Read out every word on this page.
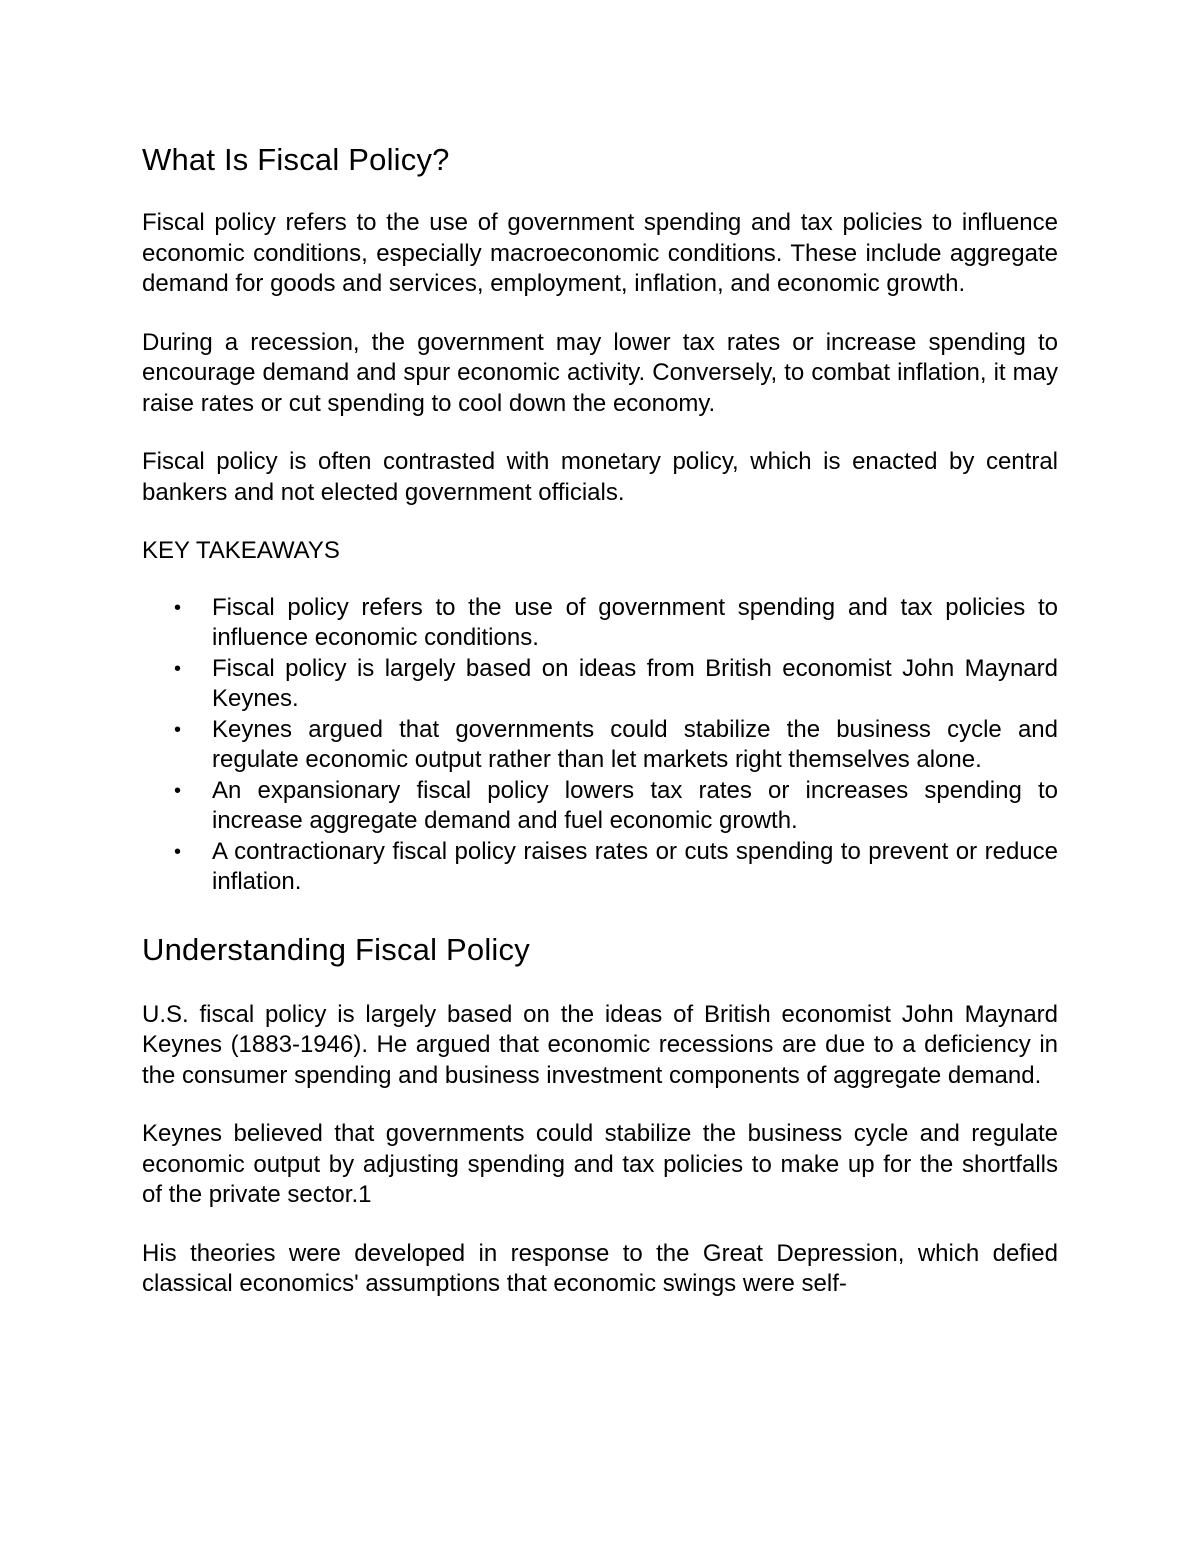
What Is Fiscal Policy?

Fiscal policy refers to the use of government spending and tax policies to influence economic conditions, especially macroeconomic conditions. These include aggregate demand for goods and services, employment, inflation, and economic growth.

During a recession, the government may lower tax rates or increase spending to encourage demand and spur economic activity. Conversely, to combat inflation, it may raise rates or cut spending to cool down the economy.

Fiscal policy is often contrasted with monetary policy, which is enacted by central bankers and not elected government officials.

KEY TAKEAWAYS

• Fiscal policy refers to the use of government spending and tax policies to influence economic conditions.
• Fiscal policy is largely based on ideas from British economist John Maynard Keynes.
• Keynes argued that governments could stabilize the business cycle and regulate economic output rather than let markets right themselves alone.
• An expansionary fiscal policy lowers tax rates or increases spending to increase aggregate demand and fuel economic growth.
• A contractionary fiscal policy raises rates or cuts spending to prevent or reduce inflation.
Understanding Fiscal Policy

U.S. fiscal policy is largely based on the ideas of British economist John Maynard Keynes (1883-1946). He argued that economic recessions are due to a deficiency in the consumer spending and business investment components of aggregate demand.

Keynes believed that governments could stabilize the business cycle and regulate economic output by adjusting spending and tax policies to make up for the shortfalls of the private sector.1

His theories were developed in response to the Great Depression, which defied classical economics' assumptions that economic swings were self-
